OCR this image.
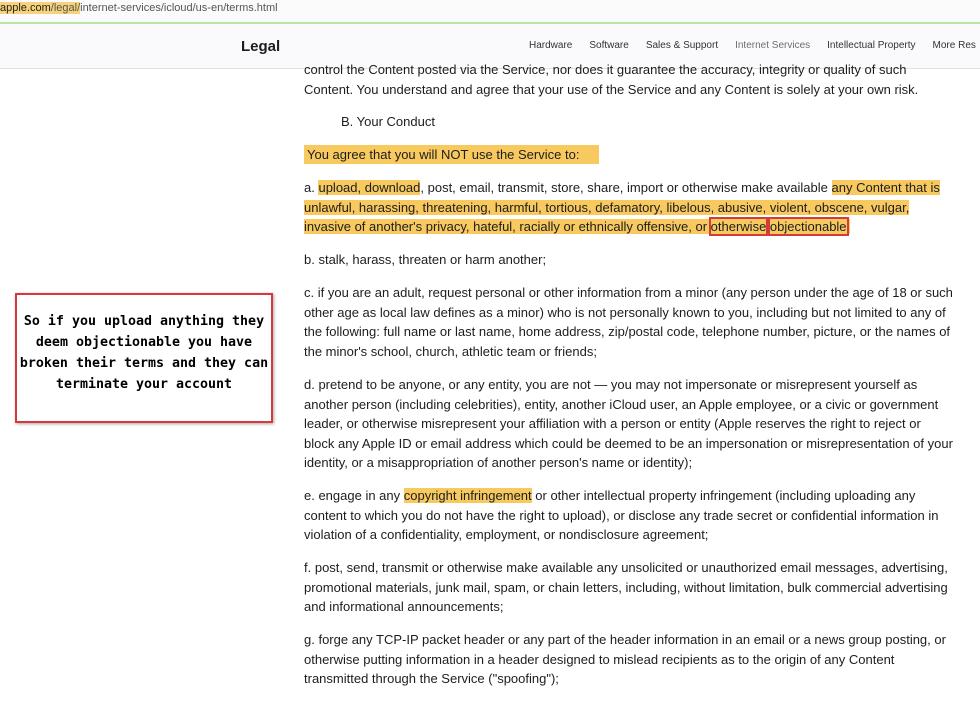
apple.com/legal/internet-services/icloud/us-en/terms.html
Legal	Hardware Software Sales & Support Internet Services Intellectual Property More Res

control the Content posted via the Service, nor does it guarantee the accuracy, integrity or quality of such Content. You understand and agree that your use of the Service and any Content is solely at your own risk.

B. Your Conduct

You agree that you will NOT use the Service to:

a. upload, download, post, email, transmit, store, share, import or otherwise make available any Content that is unlawful, harassing, threatening, harmful, tortious, defamatory, libelous, abusive, violent, obscene, vulgar, invasive of another's privacy, hateful, racially or ethnically offensive, or otherwise objectionable;

b. stalk, harass, threaten or harm another;

c. if you are an adult, request personal or other information from a minor (any person under the age of 18 or such other age as local law defines as a minor) who is not personally known to you, including but not limited to any of the following: full name or last name, home address, zip/postal code, telephone number, picture, or the names of the minor's school, church, athletic team or friends;

d. pretend to be anyone, or any entity, you are not — you may not impersonate or misrepresent yourself as another person (including celebrities), entity, another iCloud user, an Apple employee, or a civic or government leader, or otherwise misrepresent your affiliation with a person or entity (Apple reserves the right to reject or block any Apple ID or email address which could be deemed to be an impersonation or misrepresentation of your identity, or a misappropriation of another person's name or identity);

e. engage in any copyright infringement or other intellectual property infringement (including uploading any content to which you do not have the right to upload), or disclose any trade secret or confidential information in violation of a confidentiality, employment, or nondisclosure agreement;

f. post, send, transmit or otherwise make available any unsolicited or unauthorized email messages, advertising, promotional materials, junk mail, spam, or chain letters, including, without limitation, bulk commercial advertising and informational announcements;

g. forge any TCP-IP packet header or any part of the header information in an email or a news group posting, or otherwise putting information in a header designed to mislead recipients as to the origin of any Content transmitted through the Service ("spoofing");

So if you upload anything they
deem objectionable you have
broken their terms and they can
terminate your account
